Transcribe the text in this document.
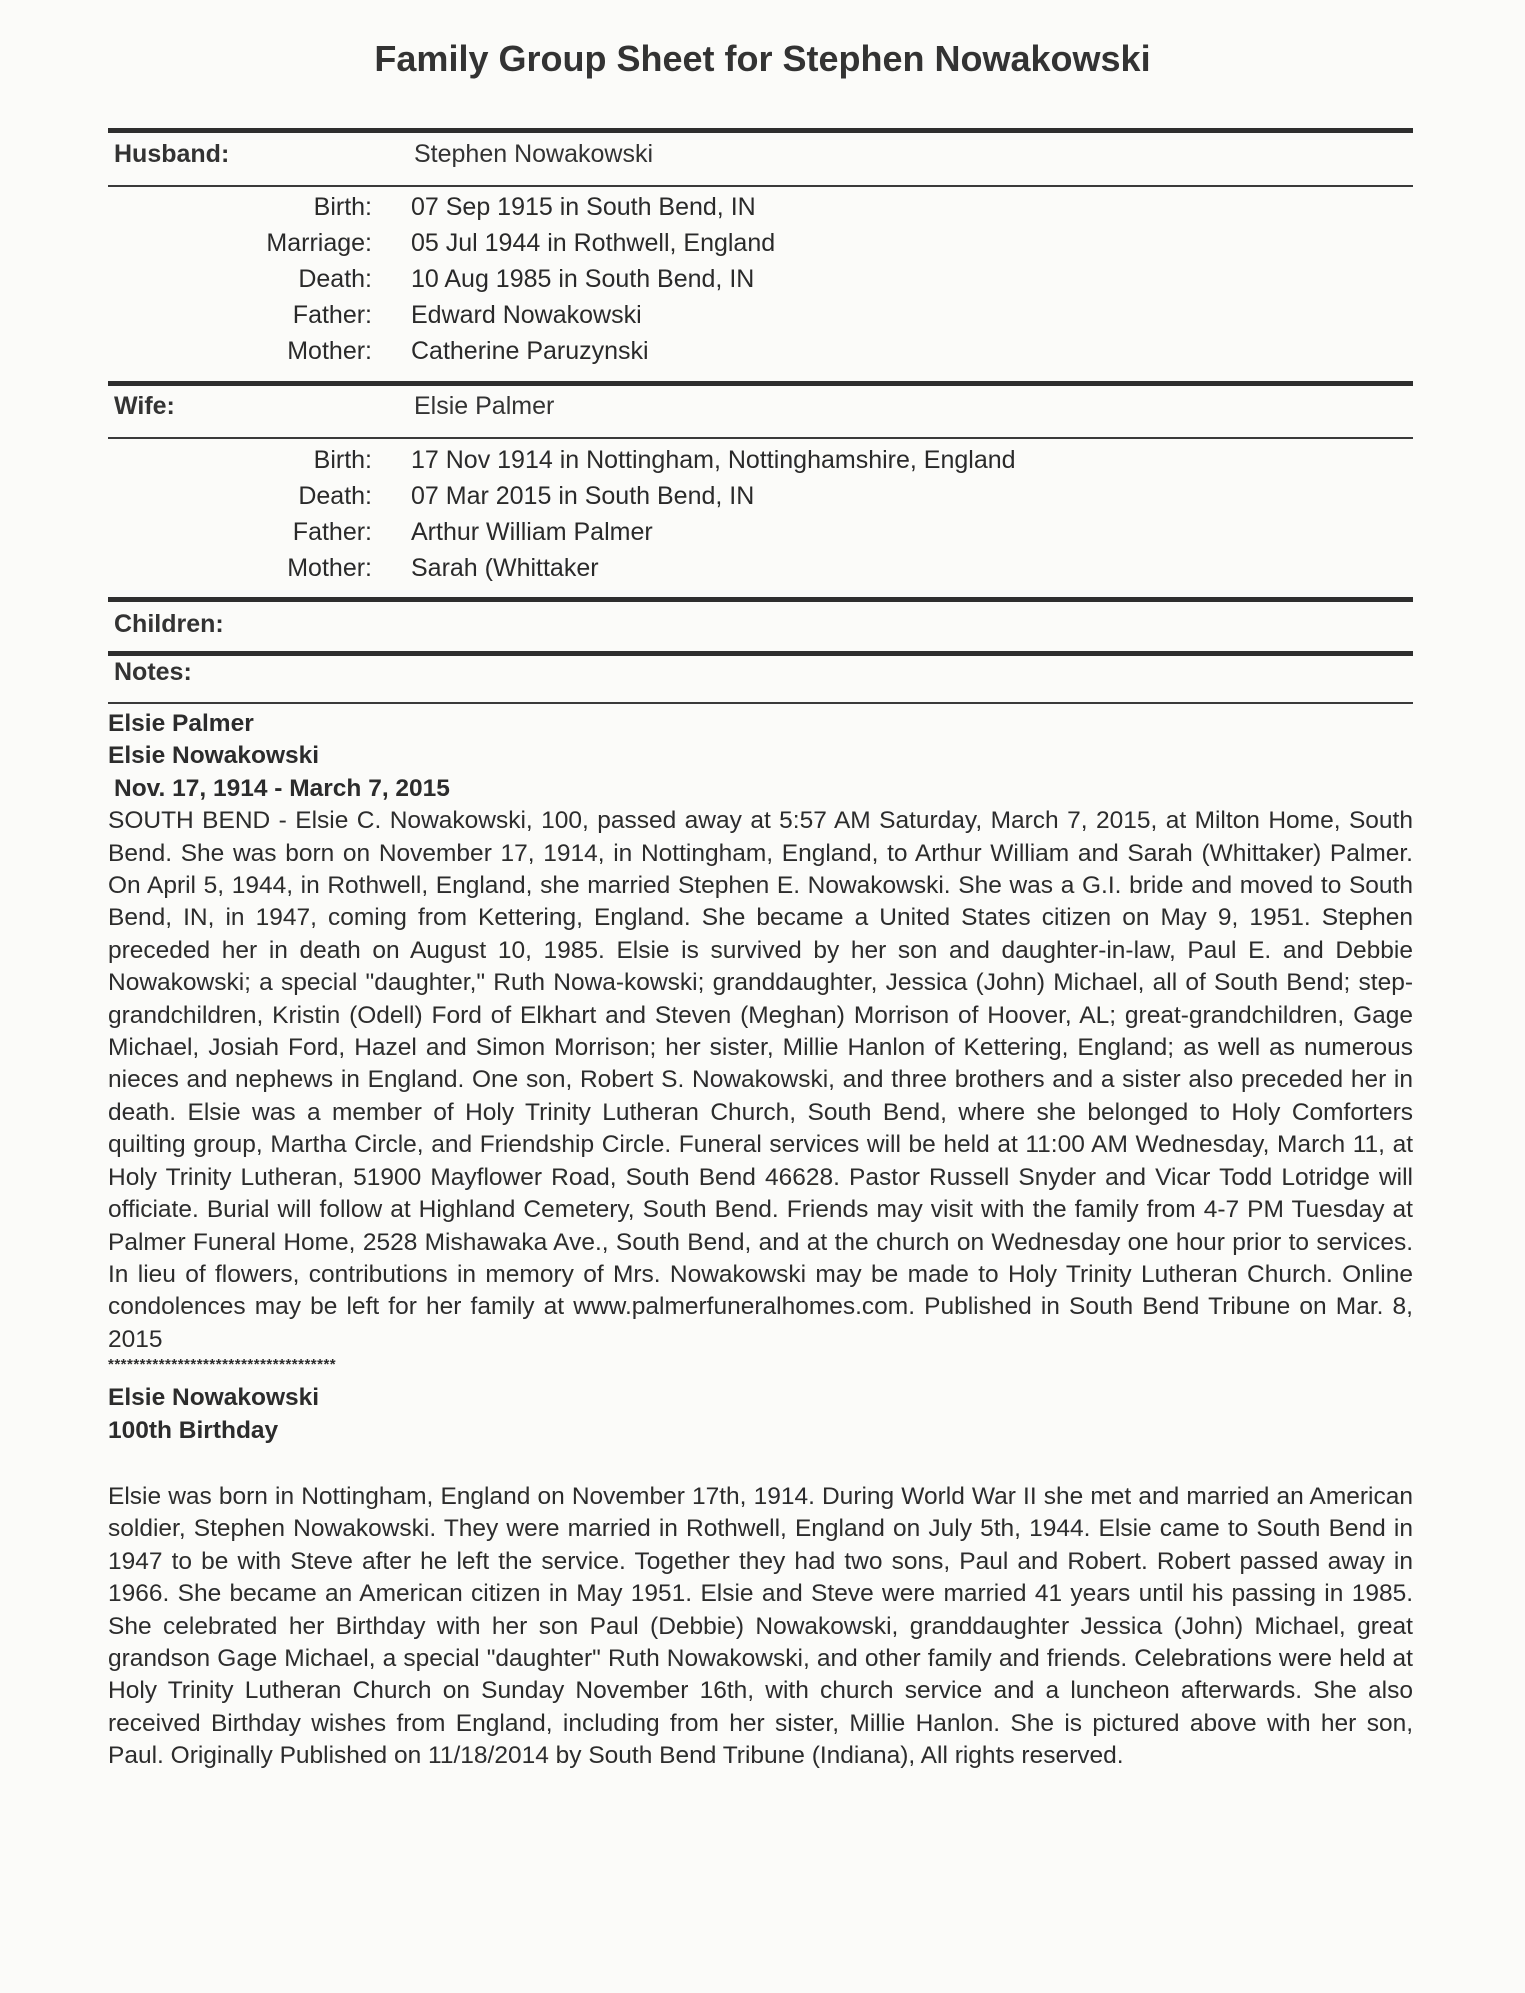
Family Group Sheet for Stephen Nowakowski
Husband:	Stephen Nowakowski
Birth: 07 Sep 1915 in South Bend, IN
Marriage: 05 Jul 1944 in Rothwell, England
Death: 10 Aug 1985 in South Bend, IN
Father: Edward Nowakowski
Mother: Catherine Paruzynski
Wife:	Elsie Palmer
Birth: 17 Nov 1914 in Nottingham, Nottinghamshire, England
Death: 07 Mar 2015 in South Bend, IN
Father: Arthur William Palmer
Mother: Sarah (Whittaker
Children:
Notes:
Elsie Palmer
Elsie Nowakowski
Nov. 17, 1914 - March 7, 2015

SOUTH BEND - Elsie C. Nowakowski, 100, passed away at 5:57 AM Saturday, March 7, 2015, at Milton Home, South Bend. She was born on November 17, 1914, in Nottingham, England, to Arthur William and Sarah (Whittaker) Palmer. On April 5, 1944, in Rothwell, England, she married Stephen E. Nowakowski. She was a G.I. bride and moved to South Bend, IN, in 1947, coming from Kettering, England. She became a United States citizen on May 9, 1951. Stephen preceded her in death on August 10, 1985. Elsie is survived by her son and daughter-in-law, Paul E. and Debbie Nowakowski; a special "daughter," Ruth Nowa-kowski; granddaughter, Jessica (John) Michael, all of South Bend; step-grandchildren, Kristin (Odell) Ford of Elkhart and Steven (Meghan) Morrison of Hoover, AL; great-grandchildren, Gage Michael, Josiah Ford, Hazel and Simon Morrison; her sister, Millie Hanlon of Kettering, England; as well as numerous nieces and nephews in England. One son, Robert S. Nowakowski, and three brothers and a sister also preceded her in death. Elsie was a member of Holy Trinity Lutheran Church, South Bend, where she belonged to Holy Comforters quilting group, Martha Circle, and Friendship Circle. Funeral services will be held at 11:00 AM Wednesday, March 11, at Holy Trinity Lutheran, 51900 Mayflower Road, South Bend 46628. Pastor Russell Snyder and Vicar Todd Lotridge will officiate. Burial will follow at Highland Cemetery, South Bend. Friends may visit with the family from 4-7 PM Tuesday at Palmer Funeral Home, 2528 Mishawaka Ave., South Bend, and at the church on Wednesday one hour prior to services. In lieu of flowers, contributions in memory of Mrs. Nowakowski may be made to Holy Trinity Lutheran Church. Online condolences may be left for her family at www.palmerfuneralhomes.com. Published in South Bend Tribune on Mar. 8, 2015

************************************
Elsie Nowakowski
100th Birthday

Elsie was born in Nottingham, England on November 17th, 1914. During World War II she met and married an American soldier, Stephen Nowakowski. They were married in Rothwell, England on July 5th, 1944. Elsie came to South Bend in 1947 to be with Steve after he left the service. Together they had two sons, Paul and Robert. Robert passed away in 1966. She became an American citizen in May 1951. Elsie and Steve were married 41 years until his passing in 1985. She celebrated her Birthday with her son Paul (Debbie) Nowakowski, granddaughter Jessica (John) Michael, great grandson Gage Michael, a special "daughter" Ruth Nowakowski, and other family and friends. Celebrations were held at Holy Trinity Lutheran Church on Sunday November 16th, with church service and a luncheon afterwards. She also received Birthday wishes from England, including from her sister, Millie Hanlon. She is pictured above with her son, Paul. Originally Published on 11/18/2014 by South Bend Tribune (Indiana), All rights reserved.
